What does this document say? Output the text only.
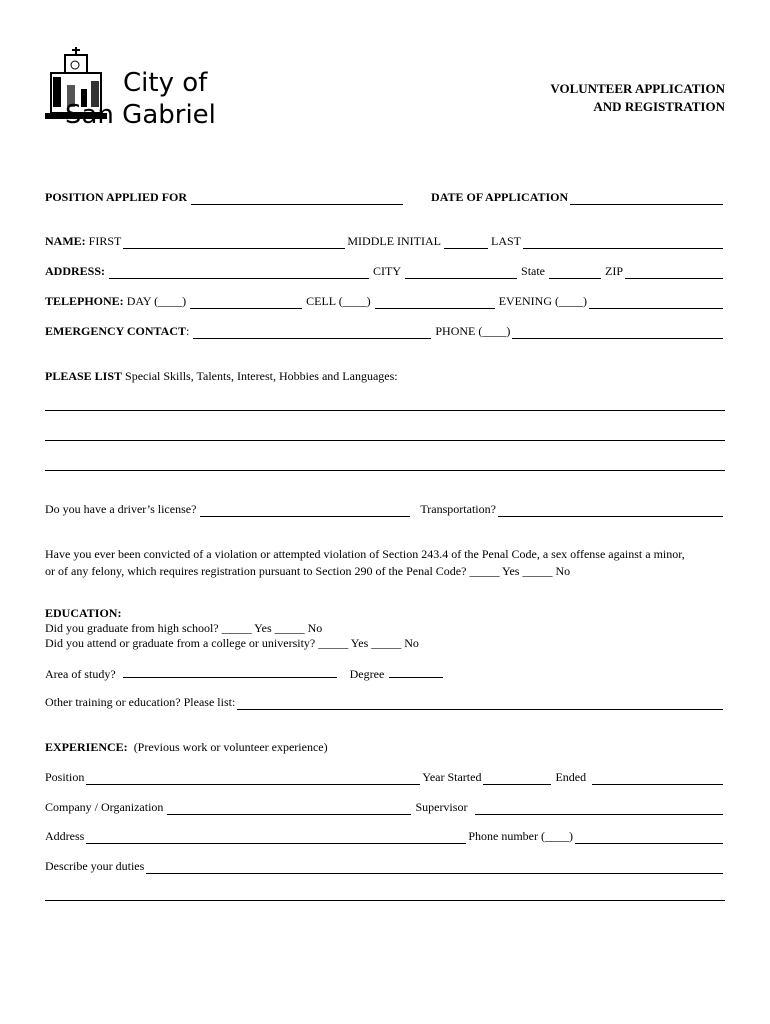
City of
San Gabriel
VOLUNTEER APPLICATION
AND REGISTRATION
POSITION APPLIED FOR	DATE OF APPLICATION
NAME:
FIRST	MIDDLE INITIAL	LAST
ADDRESS:	CITY	State	ZIP
TELEPHONE:
DAY (____)	CELL (____)	EVENING (____)
EMERGENCY CONTACT :	PHONE (____)
PLEASE LIST Special Skills, Talents, Interest, Hobbies and Languages:
Do you have a driver’s license?	Transportation?
Have you ever been convicted of a violation or attempted violation of Section 243.4 of the Penal Code, a sex offense against a minor,
or of any felony, which requires registration pursuant to Section 290 of the Penal Code? _____ Yes _____ No
EDUCATION:
Did you graduate from high school? _____ Yes _____ No
Did you attend or graduate from a college or university? _____ Yes _____ No
Area of study?	Degree
Other training or education? Please list:
EXPERIENCE: (Previous work or volunteer experience)
Position	Year Started	Ended
Company / Organization	Supervisor
Address	Phone number (____)
Describe your duties
